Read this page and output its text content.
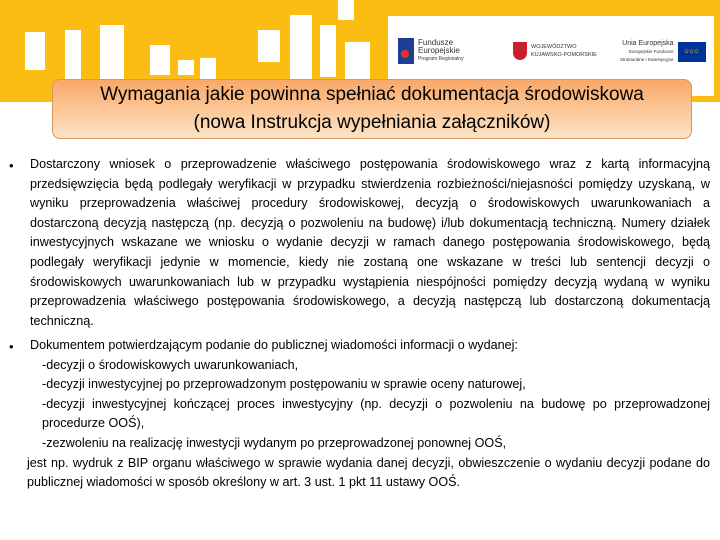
Fundusze
Europejskie
Program Regionalny
WOJEWÓDZTWO
KUJAWSKO-POMORSKIE
Unia Europejska
Europejskie Fundusze
Strukturalne i Inwestycyjne
✩✩✩
Wymagania jakie powinna spełniać dokumentacja środowiskowa
(nowa Instrukcja wypełniania załączników)
• Dostarczony wniosek o przeprowadzenie właściwego postępowania środowiskowego wraz z kartą informacyjną przedsięwzięcia będą podlegały weryfikacji w przypadku stwierdzenia rozbieżności/niejasności pomiędzy uzyskaną, w wyniku przeprowadzenia właściwej procedury środowiskowej, decyzją o środowiskowych uwarunkowaniach a dostarczoną decyzją następczą (np. decyzją o pozwoleniu na budowę) i/lub dokumentacją techniczną. Numery działek inwestycyjnych wskazane we wniosku o wydanie decyzji w ramach danego postępowania środowiskowego, będą podlegały weryfikacji jedynie w momencie, kiedy nie zostaną one wskazane w treści lub sentencji decyzji o środowiskowych uwarunkowaniach lub w przypadku wystąpienia niespójności pomiędzy decyzją wydaną w wyniku przeprowadzenia właściwego postępowania środowiskowego, a decyzją następczą lub dostarczoną dokumentacją techniczną.
• Dokumentem potwierdzającym podanie do publicznej wiadomości informacji o wydanej:
-decyzji o środowiskowych uwarunkowaniach,
-decyzji inwestycyjnej po przeprowadzonym postępowaniu w sprawie oceny naturowej,
-decyzji inwestycyjnej kończącej proces inwestycyjny (np. decyzji o pozwoleniu na budowę po przeprowadzonej procedurze OOŚ),
-zezwoleniu na realizację inwestycji wydanym po przeprowadzonej ponownej OOŚ,
jest np. wydruk z BIP organu właściwego w sprawie wydania danej decyzji, obwieszczenie o wydaniu decyzji podane do publicznej wiadomości w sposób określony w art. 3 ust. 1 pkt 11 ustawy OOŚ.
